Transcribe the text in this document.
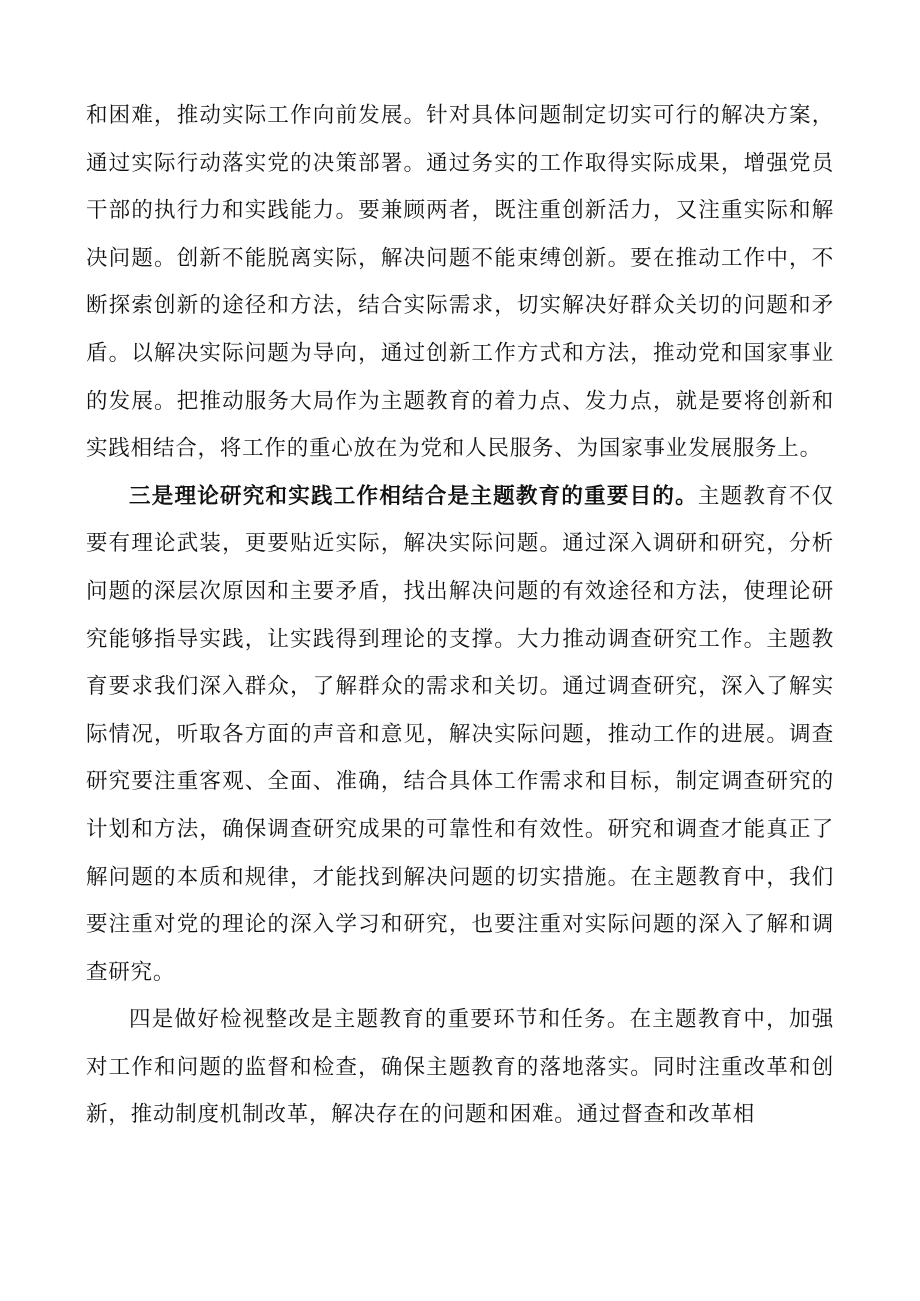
和困难，推动实际工作向前发展。针对具体问题制定切实可行的解决方案，通过实际行动落实党的决策部署。通过务实的工作取得实际成果，增强党员干部的执行力和实践能力。要兼顾两者，既注重创新活力，又注重实际和解决问题。创新不能脱离实际，解决问题不能束缚创新。要在推动工作中，不断探索创新的途径和方法，结合实际需求，切实解决好群众关切的问题和矛盾。以解决实际问题为导向，通过创新工作方式和方法，推动党和国家事业的发展。把推动服务大局作为主题教育的着力点、发力点，就是要将创新和实践相结合，将工作的重心放在为党和人民服务、为国家事业发展服务上。

三是理论研究和实践工作相结合是主题教育的重要目的。主题教育不仅要有理论武装，更要贴近实际，解决实际问题。通过深入调研和研究，分析问题的深层次原因和主要矛盾，找出解决问题的有效途径和方法，使理论研究能够指导实践，让实践得到理论的支撑。大力推动调查研究工作。主题教育要求我们深入群众，了解群众的需求和关切。通过调查研究，深入了解实际情况，听取各方面的声音和意见，解决实际问题，推动工作的进展。调查研究要注重客观、全面、准确，结合具体工作需求和目标，制定调查研究的计划和方法，确保调查研究成果的可靠性和有效性。研究和调查才能真正了解问题的本质和规律，才能找到解决问题的切实措施。在主题教育中，我们要注重对党的理论的深入学习和研究，也要注重对实际问题的深入了解和调查研究。

四是做好检视整改是主题教育的重要环节和任务。在主题教育中，加强对工作和问题的监督和检查，确保主题教育的落地落实。同时注重改革和创新，推动制度机制改革，解决存在的问题和困难。通过督查和改革相
